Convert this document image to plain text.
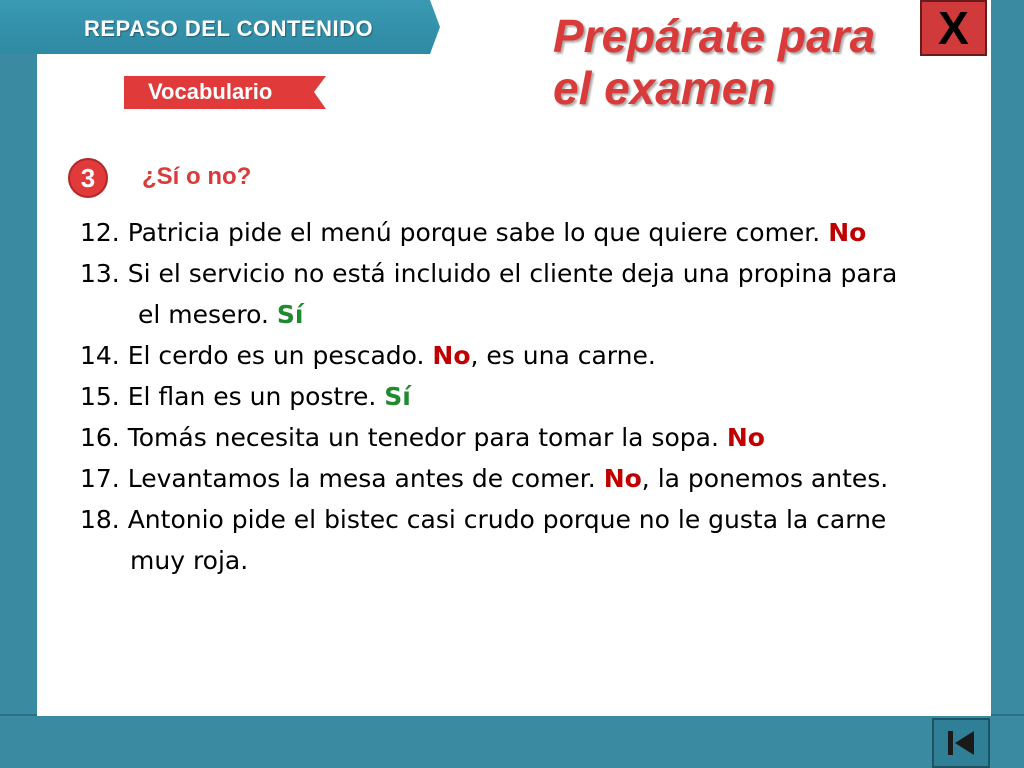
REPASO DEL CONTENIDO
Vocabulario
Prepárate para
el examen
X
3	¿Sí o no?
12. Patricia pide el menú porque sabe lo que quiere comer. No
13. Si el servicio no está incluido el cliente deja una propina para
el mesero. Sí
14. El cerdo es un pescado. No, es una carne.
15. El flan es un postre. Sí
16. Tomás necesita un tenedor para tomar la sopa. No
17. Levantamos la mesa antes de comer. No, la ponemos antes.
18. Antonio pide el bistec casi crudo porque no le gusta la carne
muy roja.
